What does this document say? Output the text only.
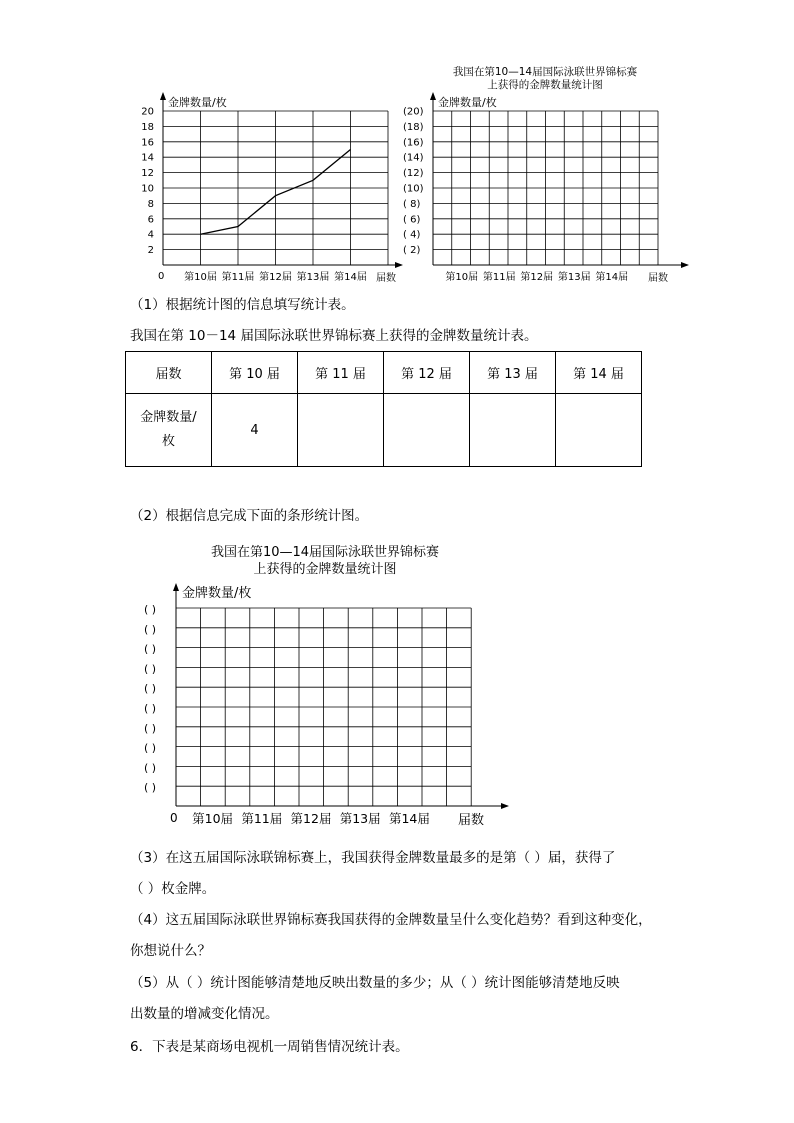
2
4
6
8
10
12
14
16
18
20
第10届 第11届 第12届 第13届 第14届
金牌数量/枚
届数
0
我国在第10—14届国际泳联世界锦标赛
上获得的金牌数量统计图
(20)
(18)
(16)
(14)
(12)
(10)
( 8)
( 6)
( 4)
( 2)
第10届 第11届 第12届 第13届 第14届
金牌数量/枚
届数
（1）根据统计图的信息填写统计表。
我国在第 10－14 届国际泳联世界锦标赛上获得的金牌数量统计表。
届数	第 10 届	第 11 届	第 12 届	第 13 届	第 14 届

金牌数量/
枚	4				
（2）根据信息完成下面的条形统计图。
我国在第10—14届国际泳联世界锦标赛
上获得的金牌数量统计图
( )
( )
( )
( )
( )
( )
( )
( )
( )
( )
第10届 第11届 第12届 第13届 第14届
金牌数量/枚
届数
0
（3）在这五届国际泳联锦标赛上，我国获得金牌数量最多的是第（ ）届，获得了
（ ）枚金牌。
（4）这五届国际泳联世界锦标赛我国获得的金牌数量呈什么变化趋势？看到这种变化，
你想说什么？
（5）从（ ）统计图能够清楚地反映出数量的多少；从（ ）统计图能够清楚地反映
出数量的增减变化情况。
6．下表是某商场电视机一周销售情况统计表。
